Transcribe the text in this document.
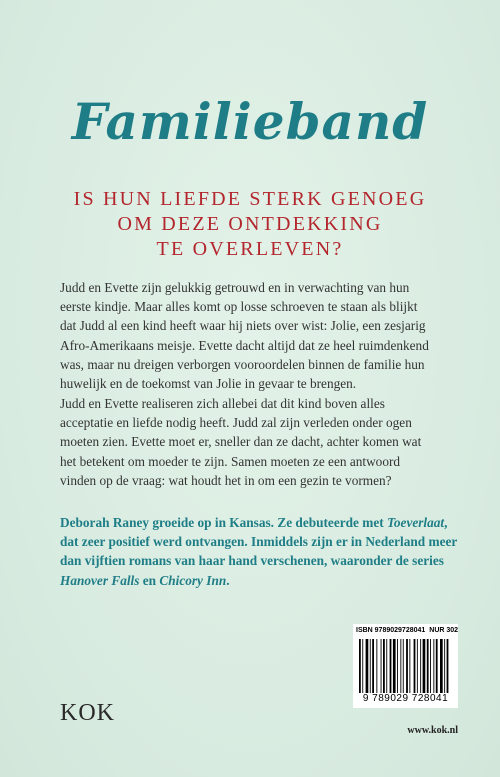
Familieband
IS HUN LIEFDE STERK GENOEG
OM DEZE ONTDEKKING
TE OVERLEVEN?
Judd en Evette zijn gelukkig getrouwd en in verwachting van hun
eerste kindje. Maar alles komt op losse schroeven te staan als blijkt
dat Judd al een kind heeft waar hij niets over wist: Jolie, een zesjarig
Afro-Amerikaans meisje. Evette dacht altijd dat ze heel ruimdenkend
was, maar nu dreigen verborgen vooroordelen binnen de familie hun
huwelijk en de toekomst van Jolie in gevaar te brengen.
Judd en Evette realiseren zich allebei dat dit kind boven alles
acceptatie en liefde nodig heeft. Judd zal zijn verleden onder ogen
moeten zien. Evette moet er, sneller dan ze dacht, achter komen wat
het betekent om moeder te zijn. Samen moeten ze een antwoord
vinden op de vraag: wat houdt het in om een gezin te vormen?
Deborah Raney groeide op in Kansas. Ze debuteerde met Toeverlaat,
dat zeer positief werd ontvangen. Inmiddels zijn er in Nederland meer
dan vijftien romans van haar hand verschenen, waaronder de series
Hanover Falls en Chicory Inn.
ISBN 9789029728041 NUR 302
9 789029 728041
KOK
www.kok.nl
